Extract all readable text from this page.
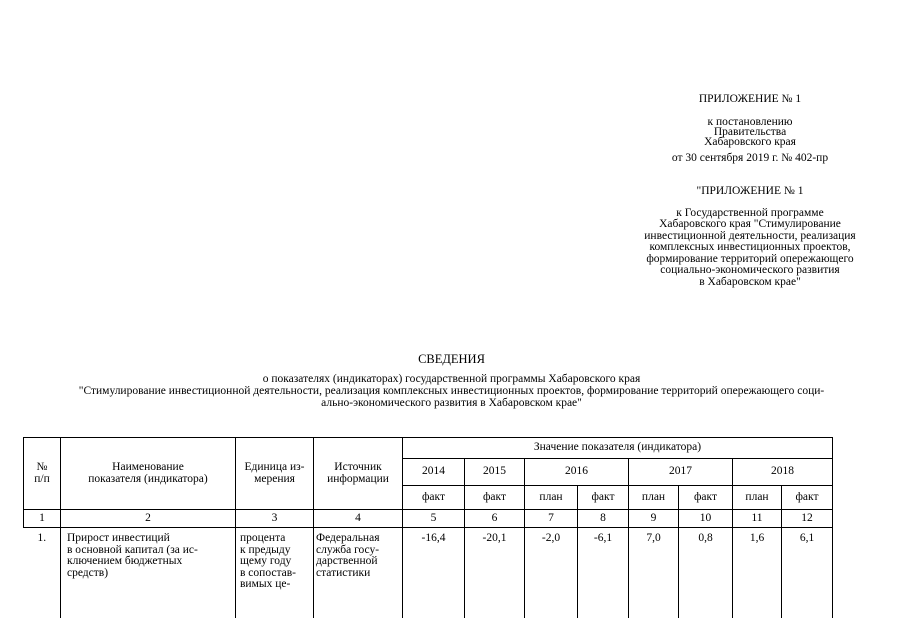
ПРИЛОЖЕНИЕ № 1
к постановлению
Правительства
Хабаровского края
от 30 сентября 2019 г. № 402-пр
"ПРИЛОЖЕНИЕ № 1
к Государственной программе
Хабаровского края "Стимулирование
инвестиционной деятельности, реализация
комплексных инвестиционных проектов,
формирование территорий опережающего
социально-экономического развития
в Хабаровском крае"
СВЕДЕНИЯ
о показателях (индикаторах) государственной программы Хабаровского края
"Стимулирование инвестиционной деятельности, реализация комплексных инвестиционных проектов, формирование территорий опережающего соци-
ально-экономического развития в Хабаровском крае"
№
п/п	Наименование
показателя (индикатора)	Единица из-
мерения	Источник
информации	Значение показателя (индикатора)							
				2014	2015	2016		2017		2018	
				факт	факт	план	факт	план	факт	план	факт
1	2	3	4	5	6	7	8	9	10	11	12
1.	Прирост инвестиций
в основной капитал (за ис-
ключением бюджетных
средств)	процента
к предыду
щему году
в сопостав-
вимых це-	Федеральная
служба госу-
дарственной
статистики	-16,4	-20,1	-2,0	-6,1	7,0	0,8	1,6	6,1
